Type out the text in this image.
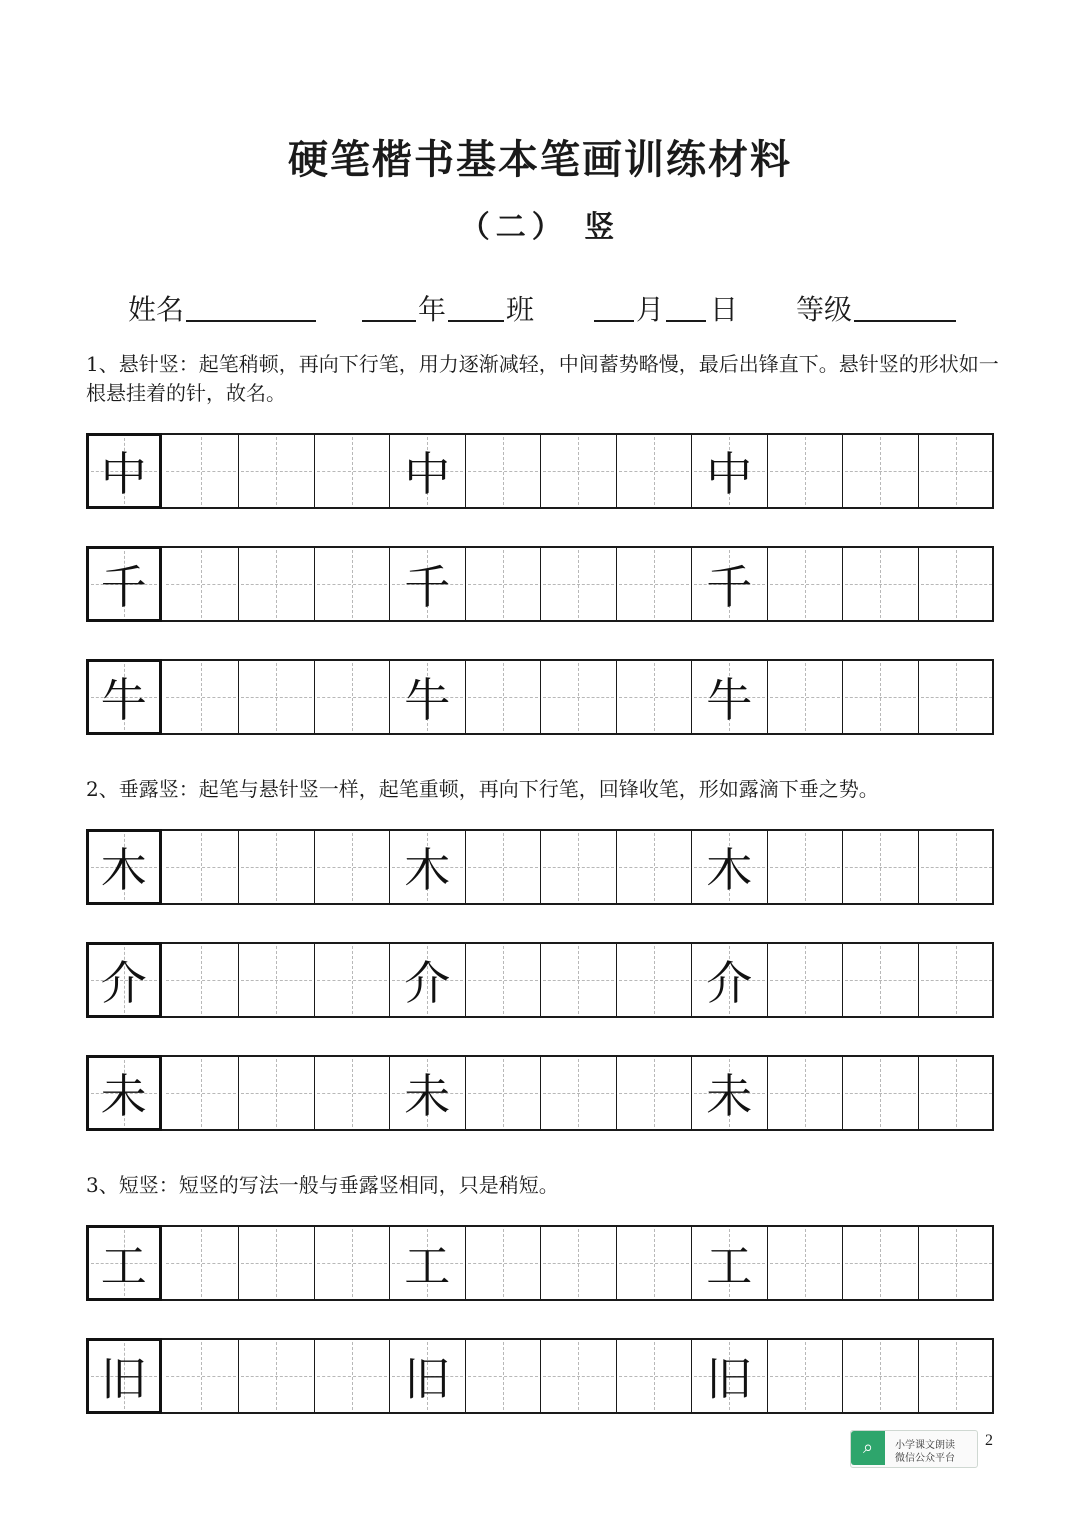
硬笔楷书基本笔画训练材料
（二） 竖
姓名	年 班	月 日 等级
1、悬针竖：起笔稍顿，再向下行笔，用力逐渐减轻，中间蓄势略慢，最后出锋直下。悬针竖的形状如一根悬挂着的针，故名。
中	中	中
千	千	千
牛	牛	牛
2、垂露竖：起笔与悬针竖一样，起笔重顿，再向下行笔，回锋收笔，形如露滴下垂之势。
木	木	木
介	介	介
未	未	未
3、短竖：短竖的写法一般与垂露竖相同，只是稍短。
工	工	工
旧	旧	旧
⌕	小学课文朗读
微信公众平台
2
